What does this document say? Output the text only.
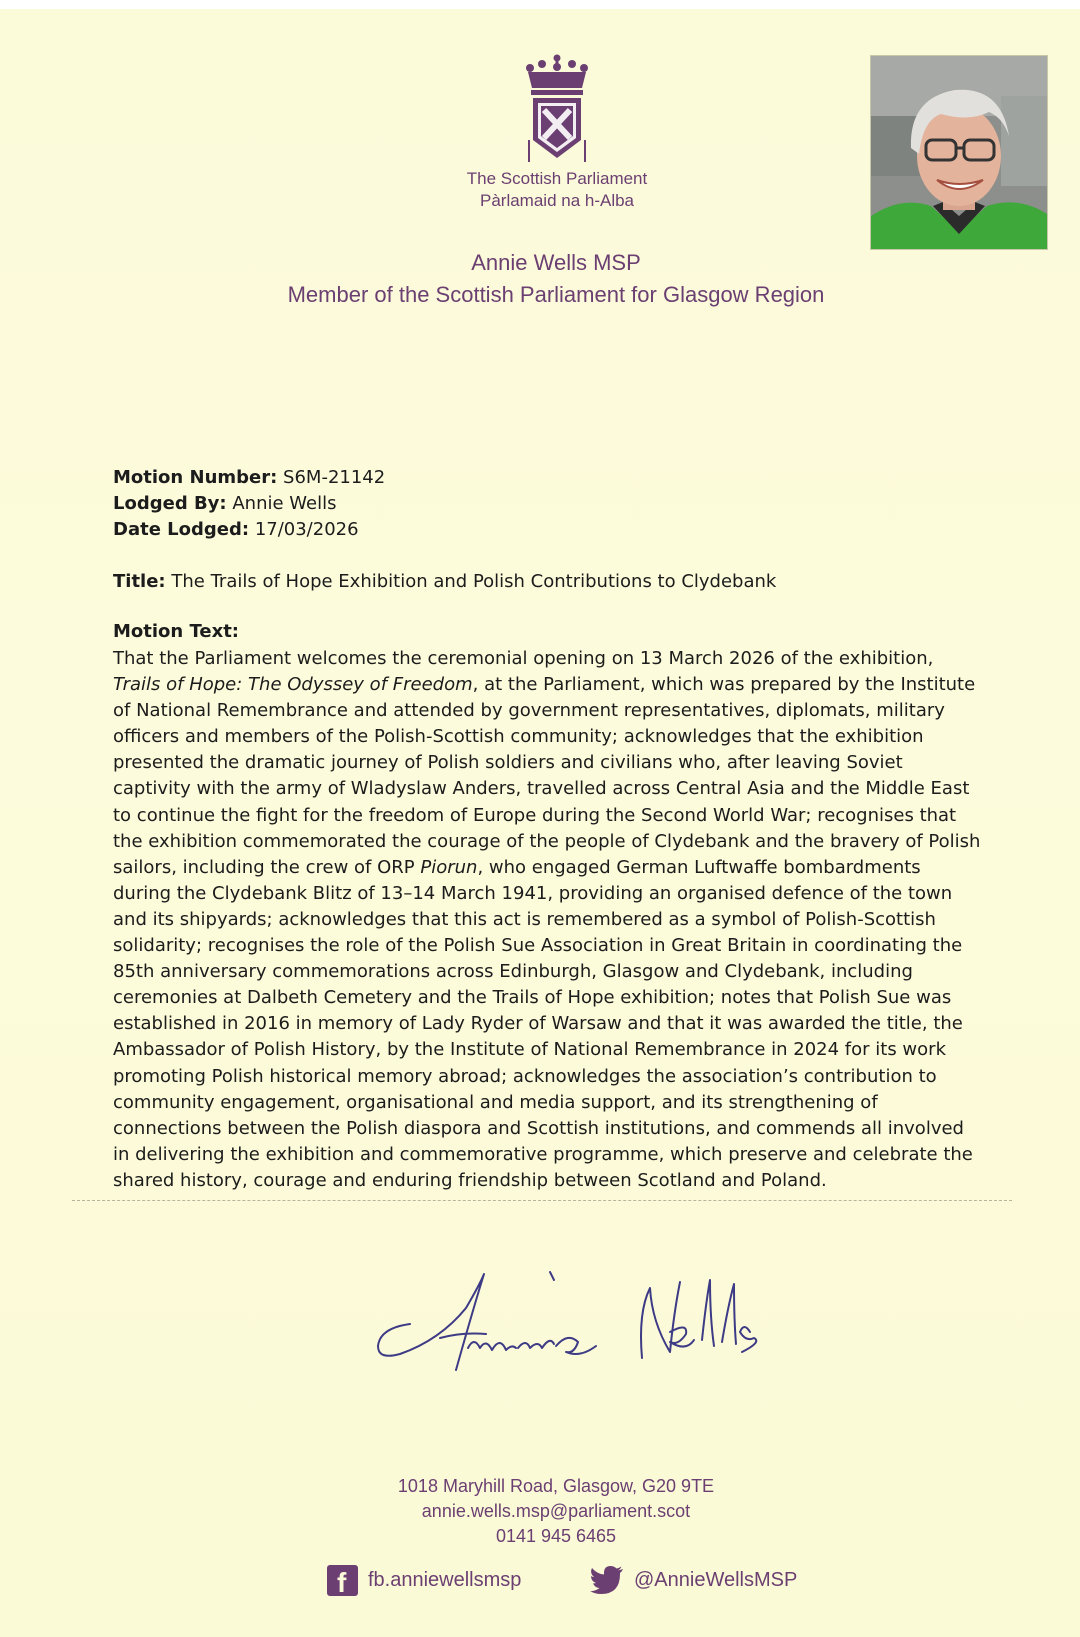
The Scottish Parliament
Pàrlamaid na h-Alba
Annie Wells MSP
Member of the Scottish Parliament for Glasgow Region
Motion Number: S6M-21142
Lodged By: Annie Wells
Date Lodged: 17/03/2026
Title: The Trails of Hope Exhibition and Polish Contributions to Clydebank
Motion Text:
That the Parliament welcomes the ceremonial opening on 13 March 2026 of the exhibition,
Trails of Hope: The Odyssey of Freedom, at the Parliament, which was prepared by the Institute
of National Remembrance and attended by government representatives, diplomats, military
officers and members of the Polish-Scottish community; acknowledges that the exhibition
presented the dramatic journey of Polish soldiers and civilians who, after leaving Soviet
captivity with the army of Wladyslaw Anders, travelled across Central Asia and the Middle East
to continue the fight for the freedom of Europe during the Second World War; recognises that
the exhibition commemorated the courage of the people of Clydebank and the bravery of Polish
sailors, including the crew of ORP Piorun, who engaged German Luftwaffe bombardments
during the Clydebank Blitz of 13–14 March 1941, providing an organised defence of the town
and its shipyards; acknowledges that this act is remembered as a symbol of Polish-Scottish
solidarity; recognises the role of the Polish Sue Association in Great Britain in coordinating the
85th anniversary commemorations across Edinburgh, Glasgow and Clydebank, including
ceremonies at Dalbeth Cemetery and the Trails of Hope exhibition; notes that Polish Sue was
established in 2016 in memory of Lady Ryder of Warsaw and that it was awarded the title, the
Ambassador of Polish History, by the Institute of National Remembrance in 2024 for its work
promoting Polish historical memory abroad; acknowledges the association’s contribution to
community engagement, organisational and media support, and its strengthening of
connections between the Polish diaspora and Scottish institutions, and commends all involved
in delivering the exhibition and commemorative programme, which preserve and celebrate the
shared history, courage and enduring friendship between Scotland and Poland.
1018 Maryhill Road, Glasgow, G20 9TE
annie.wells.msp@parliament.scot
0141 945 6465
f fb.anniewellsmsp	@AnnieWellsMSP
